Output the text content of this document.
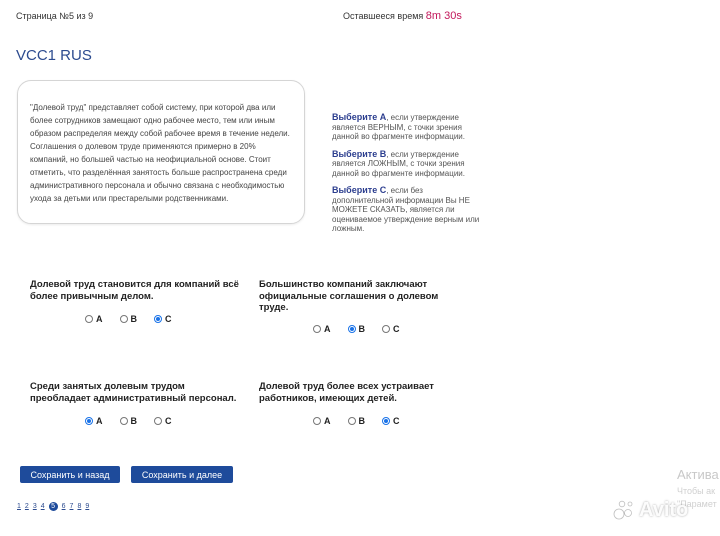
Страница №5 из 9	Оставшееся время 8m 30s
VCC1 RUS
"Долевой труд" представляет собой систему, при которой два или более сотрудников замещают одно рабочее место, тем или иным образом распределяя между собой рабочее время в течение недели. Соглашения о долевом труде применяются примерно в 20% компаний, но большей частью на неофициальной основе. Стоит отметить, что разделённая занятость больше распространена среди административного персонала и обычно связана с необходимостью ухода за детьми или престарелыми родственниками.

Выберите A, если утверждение является ВЕРНЫМ, с точки зрения данной во фрагменте информации.

Выберите B, если утверждение является ЛОЖНЫМ, с точки зрения данной во фрагменте информации.

Выберите C, если без дополнительной информации Вы НЕ МОЖЕТЕ СКАЗАТЬ, является ли оцениваемое утверждение верным или ложным.

Долевой труд становится для компаний всё более привычным делом.
A	B	C
Большинство компаний заключают официальные соглашения о долевом труде.
A	B	C
Среди занятых долевым трудом преобладает административный персонал.
A	B	C
Долевой труд более всех устраивает работников, имеющих детей.
A	B	C
Сохранить и назад	Сохранить и далее
1 2 3 4 5 6 7 8 9
Актива
Чтобы ак
"Парамет
Avito
